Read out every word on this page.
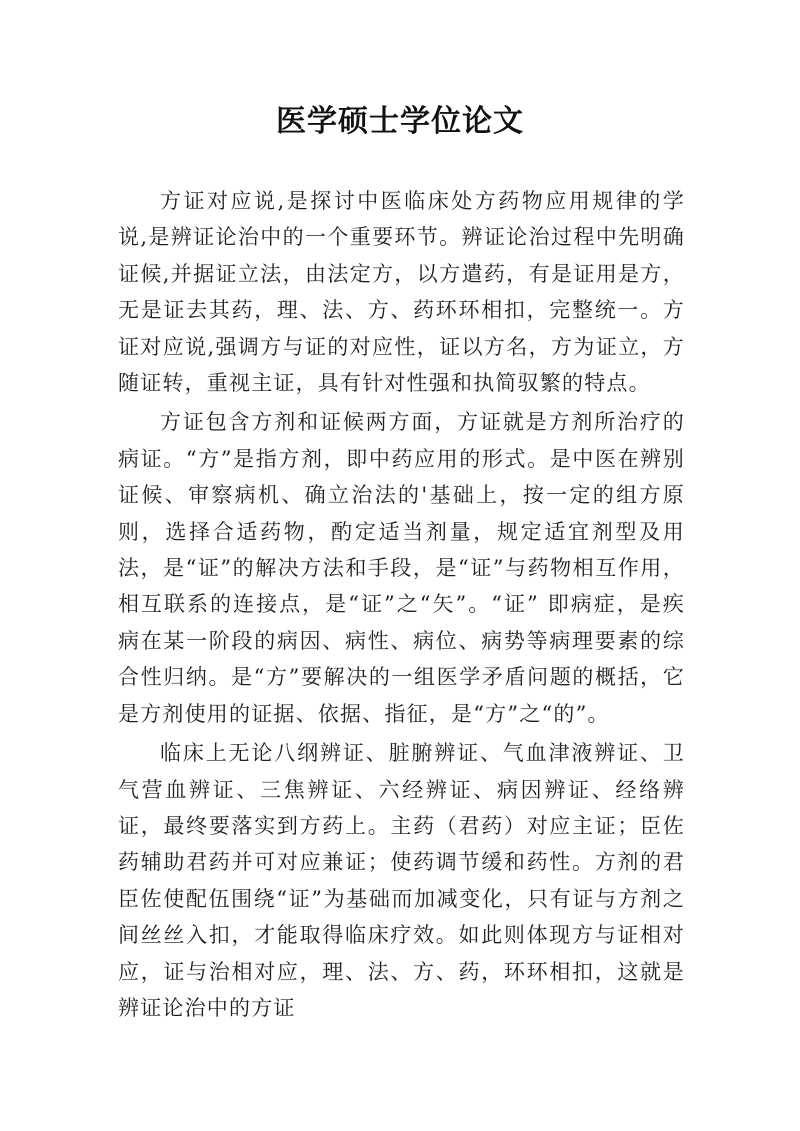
医学硕士学位论文

方证对应说,是探讨中医临床处方药物应用规律的学说,是辨证论治中的一个重要环节。辨证论治过程中先明确证候,并据证立法，由法定方，以方遣药，有是证用是方，无是证去其药，理、法、方、药环环相扣，完整统一。方证对应说,强调方与证的对应性，证以方名，方为证立，方随证转，重视主证，具有针对性强和执简驭繁的特点。

方证包含方剂和证候两方面，方证就是方剂所治疗的病证。“方”是指方剂，即中药应用的形式。是中医在辨别证候、审察病机、确立治法的'基础上，按一定的组方原则，选择合适药物，酌定适当剂量，规定适宜剂型及用法，是“证”的解决方法和手段，是“证”与药物相互作用，相互联系的连接点，是“证”之“矢”。“证” 即病症，是疾病在某一阶段的病因、病性、病位、病势等病理要素的综合性归纳。是“方”要解决的一组医学矛盾问题的概括，它是方剂使用的证据、依据、指征，是“方”之“的”。

临床上无论八纲辨证、脏腑辨证、气血津液辨证、卫气营血辨证、三焦辨证、六经辨证、病因辨证、经络辨证，最终要落实到方药上。主药（君药）对应主证；臣佐药辅助君药并可对应兼证；使药调节缓和药性。方剂的君臣佐使配伍围绕“证”为基础而加减变化，只有证与方剂之间丝丝入扣，才能取得临床疗效。如此则体现方与证相对应，证与治相对应，理、法、方、药，环环相扣，这就是辨证论治中的方证
